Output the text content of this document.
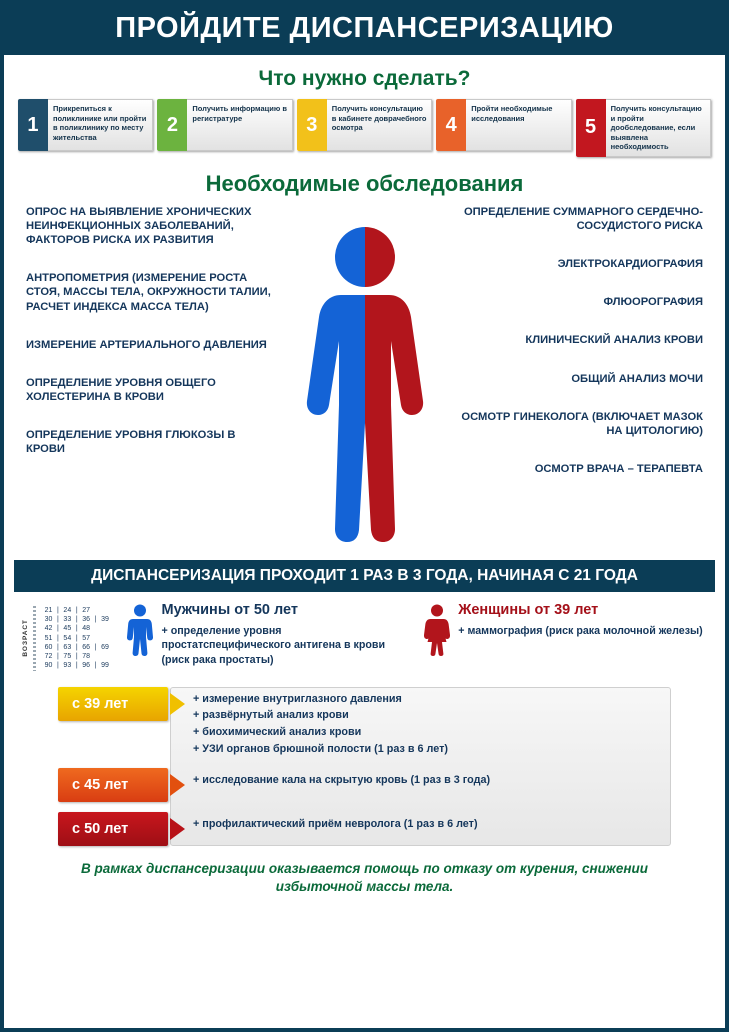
ПРОЙДИТЕ ДИСПАНСЕРИЗАЦИЮ
Что нужно сделать?
1
Прикрепиться к поликлинике или пройти в поликлинику по месту жительства
2
Получить информацию в регистратуре	3
Получить консультацию в кабинете доврачебного осмотра	4
Пройти необходимые исследования	5
Получить консультацию и пройти дообследование, если выявлена необходимость
Необходимые обследования
ОПРОС НА ВЫЯВЛЕНИЕ ХРОНИЧЕСКИХ НЕИНФЕКЦИОННЫХ ЗАБОЛЕВАНИЙ, ФАКТОРОВ РИСКА ИХ РАЗВИТИЯ
АНТРОПОМЕТРИЯ (ИЗМЕРЕНИЕ РОСТА СТОЯ, МАССЫ ТЕЛА, ОКРУЖНОСТИ ТАЛИИ, РАСЧЕТ ИНДЕКСА МАССА ТЕЛА)
ИЗМЕРЕНИЕ АРТЕРИАЛЬНОГО ДАВЛЕНИЯ
ОПРЕДЕЛЕНИЕ УРОВНЯ ОБЩЕГО ХОЛЕСТЕРИНА В КРОВИ
ОПРЕДЕЛЕНИЕ УРОВНЯ ГЛЮКОЗЫ В КРОВИ
ОПРЕДЕЛЕНИЕ СУММАРНОГО СЕРДЕЧНО-СОСУДИСТОГО РИСКА
ЭЛЕКТРОКАРДИОГРАФИЯ
ФЛЮОРОГРАФИЯ
КЛИНИЧЕСКИЙ АНАЛИЗ КРОВИ
ОБЩИЙ АНАЛИЗ МОЧИ
ОСМОТР ГИНЕКОЛОГА (ВКЛЮЧАЕТ МАЗОК НА ЦИТОЛОГИЮ)
ОСМОТР ВРАЧА – ТЕРАПЕВТА
ДИСПАНСЕРИЗАЦИЯ ПРОХОДИТ 1 РАЗ В 3 ГОДА, НАЧИНАЯ С 21 ГОДА
ВОЗРАСТ
21 | 24 | 27
30 | 33 | 36 | 39
42 | 45 | 48
51 | 54 | 57
60 | 63 | 66 | 69
72 | 75 | 78
90 | 93 | 96 | 99
Мужчины от 50 лет
+ определение уровня простатспецифического антигена в крови (риск рака простаты)
Женщины от 39 лет
+ маммография (риск рака молочной железы)
с 39 лет	+ измерение внутриглазного давления
+ развёрнутый анализ крови
+ биохимический анализ крови
+ УЗИ органов брюшной полости (1 раз в 6 лет)
с 45 лет	+ исследование кала на скрытую кровь (1 раз в 3 года)
с 50 лет	+ профилактический приём невролога (1 раз в 6 лет)
В рамках диспансеризации оказывается помощь по отказу от курения, снижении избыточной массы тела.
